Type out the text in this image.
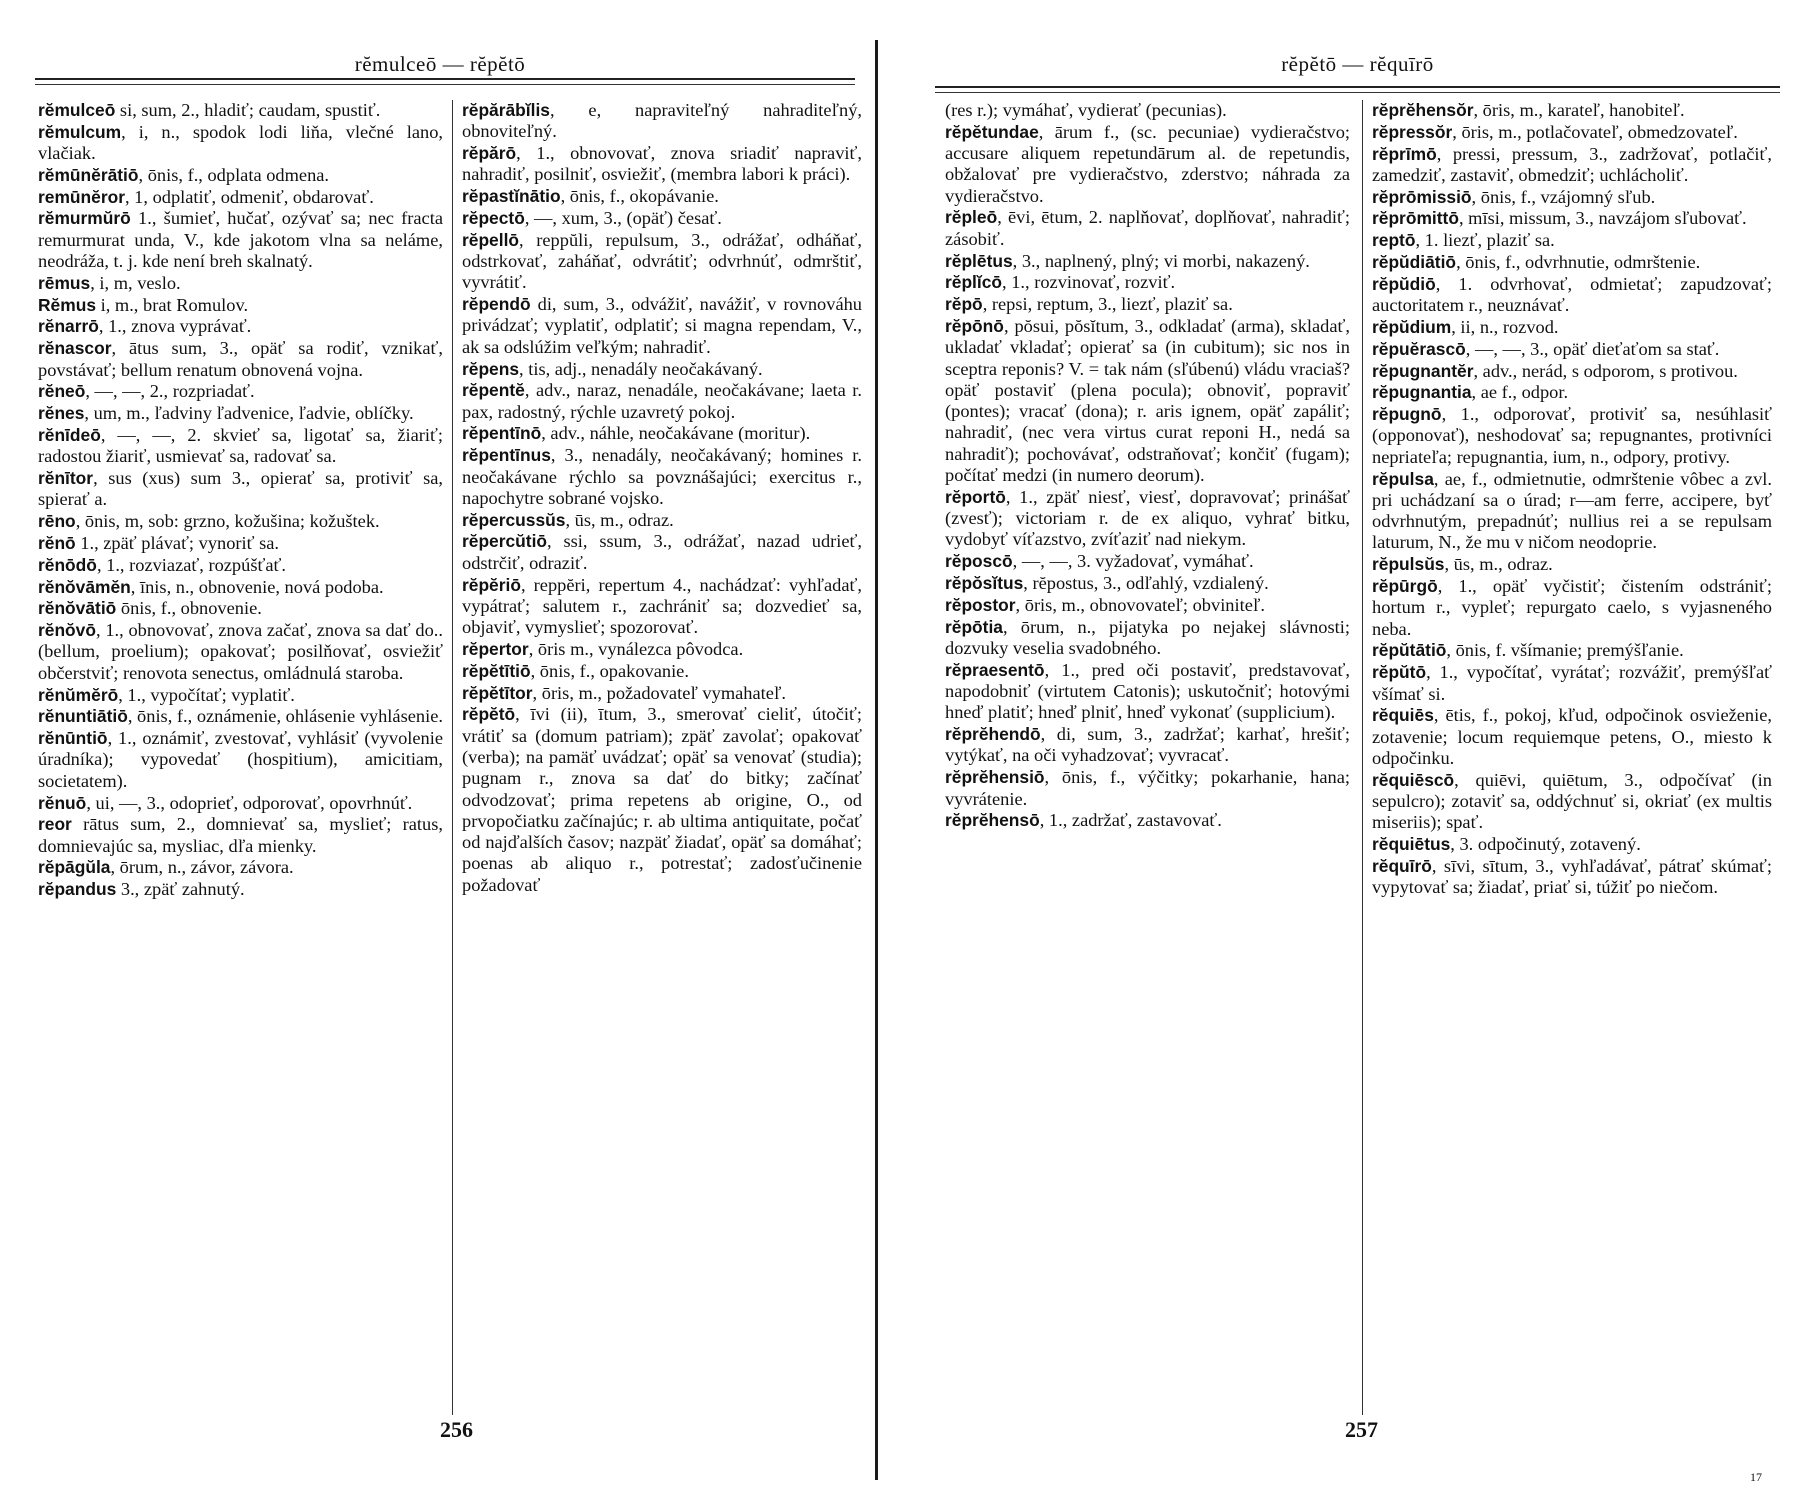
rĕmulceō — rĕpĕtō
rĕmulceō si, sum, 2., hladiť; caudam, spustiť.
rĕmulcum, i, n., spodok lodi liňa, vlečné lano, vlačiak.
rĕmūnĕrātiō, ōnis, f., odplata odmena.
remūnĕror, 1, odplatiť, odmeniť, obdarovať.
rĕmurmŭrō 1., šumieť, hučať, ozývať sa; nec fracta remurmurat unda, V., kde jakotom vlna sa neláme, neodráža, t. j. kde není breh skalnatý.
rēmus, i, m, veslo.
Rĕmus i, m., brat Romulov.
rĕnarrō, 1., znova vyprávať.
rĕnascor, ātus sum, 3., opäť sa rodiť, vznikať, povstávať; bellum renatum obnovená vojna.
rĕneō, —, —, 2., rozpriadať.
rĕnes, um, m., ľadviny ľadvenice, ľadvie, oblíčky.
rĕnīdeō, —, —, 2. skvieť sa, ligotať sa, žiariť; radostou žiariť, usmievať sa, radovať sa.
rĕnītor, sus (xus) sum 3., opierať sa, protiviť sa, spierať a.
rēno, ōnis, m, sob: grzno, kožušina; kožuštek.
rĕnō 1., zpäť plávať; vynoriť sa.
rĕnōdō, 1., rozviazať, rozpúšťať.
rĕnŏvāmĕn, īnis, n., obnovenie, nová podoba.
rĕnŏvātiō ōnis, f., obnovenie.
rĕnŏvō, 1., obnovovať, znova začať, znova sa dať do.. (bellum, proelium); opakovať; posilňovať, osviežiť občerstviť; renovota senectus, omládnulá staroba.
rĕnŭmĕrō, 1., vypočítať; vyplatiť.
rĕnuntiātiō, ōnis, f., oznámenie, ohlásenie vyhlásenie.
rĕnūntiō, 1., oznámiť, zvestovať, vyhlásiť (vyvolenie úradníka); vypovedať (hospitium), amicitiam, societatem).
rĕnuō, ui, —, 3., odoprieť, odporovať, opovrhnúť.
reor rātus sum, 2., domnievať sa, myslieť; ratus, domnievajúc sa, mysliac, dľa mienky.
rĕpāgŭla, ōrum, n., závor, závora.
rĕpandus 3., zpäť zahnutý.
rĕpărābĭlis, e, napraviteľný nahraditeľný, obnoviteľný.
rĕpărō, 1., obnovovať, znova sriadiť napraviť, nahradiť, posilniť, osviežiť, (membra labori k práci).
rĕpastĭnātio, ōnis, f., okopávanie.
rĕpectō, —, xum, 3., (opäť) česať.
rĕpellō, reppŭli, repulsum, 3., odrážať, odháňať, odstrkovať, zaháňať, odvrátiť; odvrhnúť, odmrštiť, vyvrátiť.
rĕpendō di, sum, 3., odvážiť, navážiť, v rovnováhu privádzať; vyplatiť, odplatiť; si magna rependam, V., ak sa odslúžim veľkým; nahradiť.
rĕpens, tis, adj., nenadály neočakávaný.
rĕpentĕ, adv., naraz, nenadále, neočakávane; laeta r. pax, radostný, rýchle uzavretý pokoj.
rĕpentīnō, adv., náhle, neočakávane (moritur).
rĕpentīnus, 3., nenadály, neočakávaný; homines r. neočakávane rýchlo sa povznášajúci; exercitus r., napochytre sobrané vojsko.
rĕpercussŭs, ūs, m., odraz.
rĕpercŭtiō, ssi, ssum, 3., odrážať, nazad udrieť, odstrčiť, odraziť.
rĕpĕriō, reppĕri, repertum 4., nachádzať: vyhľadať, vypátrať; salutem r., zachrániť sa; dozvedieť sa, objaviť, vymyslieť; spozorovať.
rĕpertor, ōris m., vynálezca pôvodca.
rĕpĕtītiō, ōnis, f., opakovanie.
rĕpĕtītor, ōris, m., požadovateľ vymahateľ.
rĕpĕtō, īvi (ii), ītum, 3., smerovať cieliť, útočiť; vrátiť sa (domum patriam); zpäť zavolať; opakovať (verba); na pamäť uvádzať; opäť sa venovať (studia); pugnam r., znova sa dať do bitky; začínať odvodzovať; prima repetens ab origine, O., od prvopočiatku začínajúc; r. ab ultima antiquitate, počať od najďalších časov; nazpäť žiadať, opäť sa domáhať; poenas ab aliquo r., potrestať; zadosťučinenie požadovať
256
rĕpĕtō — rĕquīrō
(res r.); vymáhať, vydierať (pecunias).
rĕpĕtundae, ārum f., (sc. pecuniae) vydieračstvo; accusare aliquem repetundārum al. de repetundis, obžalovať pre vydieračstvo, zderstvo; náhrada za vydieračstvo.
rĕpleō, ēvi, ētum, 2. naplňovať, doplňovať, nahradiť; zásobiť.
rĕplētus, 3., naplnený, plný; vi morbi, nakazený.
rĕplĭcō, 1., rozvinovať, rozviť.
rĕpō, repsi, reptum, 3., liezť, plaziť sa.
rĕpōnō, pŏsui, pŏsĭtum, 3., odkladať (arma), skladať, ukladať vkladať; opierať sa (in cubitum); sic nos in sceptra reponis? V. = tak nám (sľúbenú) vládu vraciaš? opäť postaviť (plena pocula); obnoviť, popraviť (pontes); vracať (dona); r. aris ignem, opäť zapáliť; nahradiť, (nec vera virtus curat reponi H., nedá sa nahradiť); pochovávať, odstraňovať; končiť (fugam); počítať medzi (in numero deorum).
rĕportō, 1., zpäť niesť, viesť, dopravovať; prinášať (zvesť); victoriam r. de ex aliquo, vyhrať bitku, vydobyť víťazstvo, zvíťaziť nad niekym.
rĕposcō, —, —, 3. vyžadovať, vymáhať.
rĕpŏsĭtus, rĕpostus, 3., odľahlý, vzdialený.
rĕpostor, ōris, m., obnovovateľ; obviniteľ.
rĕpōtia, ōrum, n., pijatyka po nejakej slávnosti; dozvuky veselia svadobného.
rĕpraesentō, 1., pred oči postaviť, predstavovať, napodobniť (virtutem Catonis); uskutočniť; hotovými hneď platiť; hneď plniť, hneď vykonať (supplicium).
rĕprĕhendō, di, sum, 3., zadržať; karhať, hrešiť; vytýkať, na oči vyhadzovať; vyvracať.
rĕprĕhensiō, ōnis, f., výčitky; pokarhanie, hana; vyvrátenie.
rĕprĕhensō, 1., zadržať, zastavovať.
rĕprĕhensŏr, ōris, m., karateľ, hanobiteľ.
rĕpressŏr, ōris, m., potlačovateľ, obmedzovateľ.
rĕprīmō, pressi, pressum, 3., zadržovať, potlačiť, zamedziť, zastaviť, obmedziť; uchlácholiť.
rĕprōmissiō, ōnis, f., vzájomný sľub.
rĕprōmittō, mīsi, missum, 3., navzájom sľubovať.
reptō, 1. liezť, plaziť sa.
rĕpŭdiātiō, ōnis, f., odvrhnutie, odmrštenie.
rĕpŭdiō, 1. odvrhovať, odmietať; zapudzovať; auctoritatem r., neuznávať.
rĕpŭdium, ii, n., rozvod.
rĕpuĕrascō, —, —, 3., opäť dieťaťom sa stať.
rĕpugnantĕr, adv., nerád, s odporom, s protivou.
rĕpugnantia, ae f., odpor.
rĕpugnō, 1., odporovať, protiviť sa, nesúhlasiť (opponovať), neshodovať sa; repugnantes, protivníci nepriateľa; repugnantia, ium, n., odpory, protivy.
rĕpulsa, ae, f., odmietnutie, odmrštenie vôbec a zvl. pri uchádzaní sa o úrad; r—am ferre, accipere, byť odvrhnutým, prepadnúť; nullius rei a se repulsam laturum, N., že mu v ničom neodoprie.
rĕpulsŭs, ūs, m., odraz.
rĕpūrgō, 1., opäť vyčistiť; čistením odstrániť; hortum r., vypleť; repurgato caelo, s vyjasneného neba.
rĕpŭtātiō, ōnis, f. všímanie; premýšľanie.
rĕpŭtō, 1., vypočítať, vyrátať; rozvážiť, premýšľať všímať si.
rĕquiēs, ētis, f., pokoj, kľud, odpočinok osvieženie, zotavenie; locum requiemque petens, O., miesto k odpočinku.
rĕquiēscō, quiēvi, quiētum, 3., odpočívať (in sepulcro); zotaviť sa, oddýchnuť si, okriať (ex multis miseriis); spať.
rĕquiētus, 3. odpočinutý, zotavený.
rĕquīrō, sīvi, sītum, 3., vyhľadávať, pátrať skúmať; vypytovať sa; žiadať, priať si, túžiť po niečom.
257
17
